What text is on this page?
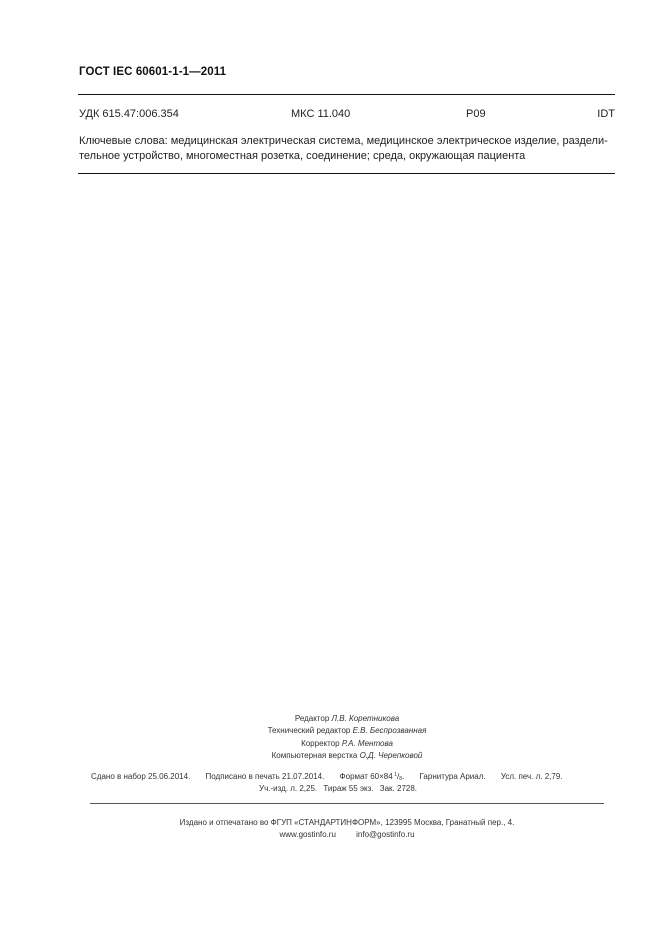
ГОСТ IEC 60601-1-1—2011
УДК 615.47:006.354	МКС 11.040	Р09	IDT
Ключевые слова: медицинская электрическая система, медицинское электрическое изделие, раздели-
тельное устройство, многоместная розетка, соединение; среда, окружающая пациента
Редактор Л.В. Коретникова
Технический редактор Е.В. Беспрозванная
Корректор Р.А. Ментова
Компьютерная верстка О.Д. Черепковой
Сдано в набор 25.06.2014. Подписано в печать 21.07.2014. Формат 60×84  $^1/_8$. Гарнитура Ариал. Усл. печ. л. 2,79.
Уч.-изд. л. 2,25. Тираж 55 экз. Зак. 2728.
Издано и отпечатано во ФГУП «СТАНДАРТИНФОРМ», 123995 Москва, Гранатный пер., 4.
www.gostinfo.ru	info@gostinfo.ru
